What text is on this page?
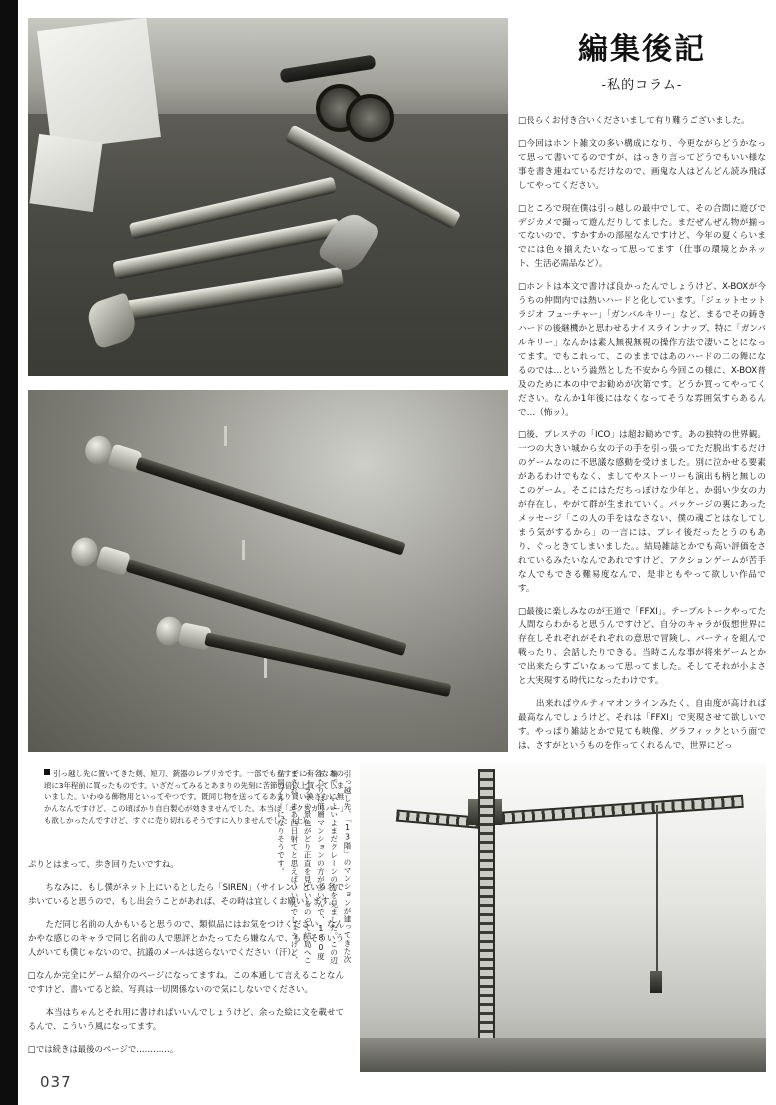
編集後記
-私的コラム-

□長らくお付き合いくださいまして有り難うございました。

□今回はホント雑文の多い構成になり、今更ながらどうかなって思って書いてるのですが、はっきり言ってどうでもいい様な事を書き連ねているだけなので、画鬼な人はどんどん読み飛ばしてやってください。

□ところで現在僕は引っ越しの最中でして、その合間に遊びでデジカメで撮って遊んだりしてました。まだぜんぜん物が揃ってないので、すかすかの部屋なんですけど、今年の夏くらいまでには色々揃えたいなって思ってます（仕事の環境とかネット、生活必需品など）。

□ホントは本文で書けば良かったんでしょうけど、X-BOXが今うちの仲間内では熱いハードと化しています。「ジェットセットラジオ フューチャー」「ガンバルキリー」など、まるでその鋳きハードの後継機かと思わせるナイスラインナップ、特に「ガンバルキリー」なんかは素人無視無視の操作方法で凄いことになってます。でもこれって、このままではあのハードの二の舞になるのでは…という澁然とした不安から今回この様に、X-BOX普及のために本の中でお勧めが次第です。どうか買ってやってください。なんか1年後にはなくなってそうな雰囲気すらあるんで…（怖ッ）。

□後、プレステの「ICO」は超お勧めです。あの独特の世界観。一つの大きい城から女の子の手を引っ張ってただ脱出するだけのゲームなのに不思議な感動を受けました。別に泣かせる要素があるわけでもなく、ましてやストーリーも演出も柄と無しのこのゲーム。そこにはただちっぽけな少年と、か弱い少女の力が存在し、やがて群が生まれていく。パッケージの裏にあったメッセージ「この人の手をはなさない、僕の魂ごとはなしてしまう気がするから」の一言には、プレイ後だったとうのもあり、ぐっときてしまいました。。結局雑誌とかでも高い評価をされているみたいなんであれですけど、アクションゲームが苦手な人でもできる難易度なんで、是非ともやって欲しい作品です。

□最後に楽しみなのが王道で「FFXI」。テーブルトークやってた人間ならわかると思うんですけど、自分のキャラが仮想世界に存在しそれぞれがそれぞれの意思で冒険し、パーティを組んで戦ったり、会話したりできる。当時こんな事が将来ゲームとかで出来たらすごいなぁって思ってました。そしてそれが小よさと大実現する時代になったわけです。

　出来ればウルティマオンラインみたく、自由度が高ければ最高なんでしょうけど、それは「FFXI」で実現させて欲しいです。やっぱり雑誌とかで見ても映像、グラフィックという面では、さすがというものを作ってくれるんで、世界にどっ

引っ越し先に置いてきた剣、短刀、銃器のレプリカです。一部でもうすでに有名なあの頃に3年程前に買ったものです。いざだってみるとあまりの先刻に苦節の倍以上買ってしまいました。いわゆる飾物用といってやつです。既同じ物を送ってるあまり買い換さむに無かんなんですけど、この頃ばかり自白製心が効きませんでした。本当は「エクスカリバー」も欲しかったんですけど、すぐに売り切れるそうですに入りませんでした（上）。	引っ越し先、「13階」のマンションが建ってきた次第で、いよいよまだクレーンの方を見ました。この辺あたりは低層マンションの方が多いんで、180度パノラマの景色がどり正直を見ているのって結局へこまされ、まあ西日射てと思えばいいんでしょうけど、結局ブルーになりそうです。

ぷりとはまって、歩き回りたいですね。

　ちなみに、もし僕がネット上にいるとしたら「SIREN」（サイレン）という名で歩いていると思うので、もし出会うことがあれば、その時は宜しくお願いします。

　ただ同じ名前の人かもいると思うので、類似品にはお気をつけください。なんかやな感じのキャラで同じ名前の人で悪評とかたってたら嫌なんで、もしそういう人がいても僕じゃないので、抗議のメールは送らないでください（汗）。

□なんか完全にゲーム紹介のページになってますね。この本通して言えることなんですけど、書いてると絵、写真は一切関係ないので気にしないでください。

　本当はちゃんとそれ用に書ければいいんでしょうけど、余った絵に文を載せてるんで、こういう風になってます。

□では続きは最後のページで…………。

037
